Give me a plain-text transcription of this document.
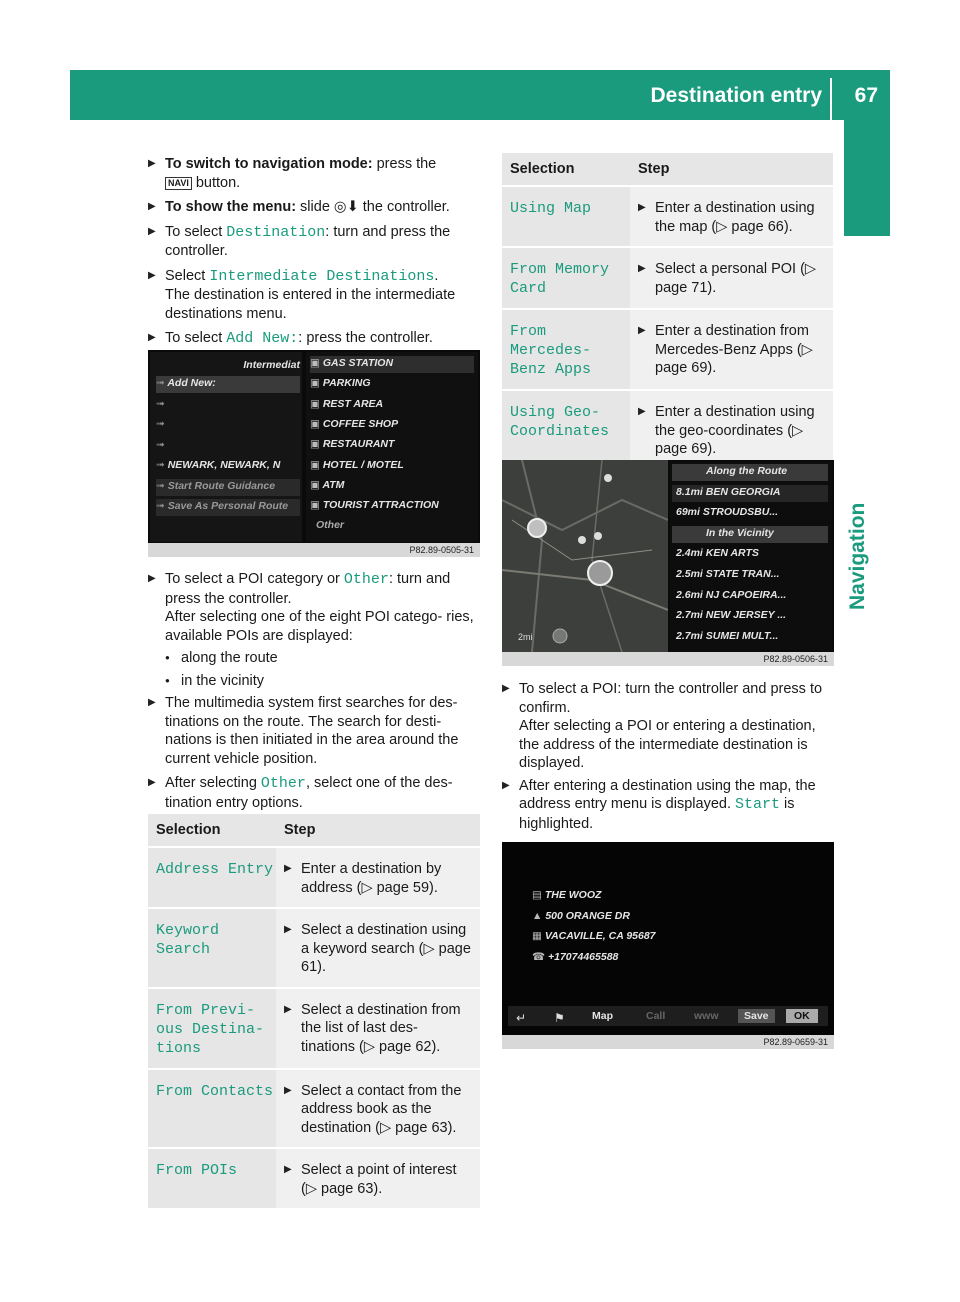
Destination entry 67
Navigation

▶ To switch to navigation mode: press the
NAVI button.

▶ To show the menu: slide ◎⬇ the controller.

▶ To select Destination: turn and press the controller.

▶ Select Intermediate Destinations.
The destination is entered in the intermediate destinations menu.

▶ To select Add New:: press the controller.

Intermediat
➟ Add New:
➟
➟
➟
➟ NEWARK, NEWARK, N
➟ Start Route Guidance
➟ Save As Personal Route
▣ GAS STATION
▣ PARKING
▣ REST AREA
▣ COFFEE SHOP
▣ RESTAURANT
▣ HOTEL / MOTEL
▣ ATM
▣ TOURIST ATTRACTION
Other
P82.89-0505-31

▶ To select a POI category or Other: turn and press the controller.
After selecting one of the eight POI catego- ries, available POIs are displayed:

● along the route

● in the vicinity

▶ The multimedia system first searches for des- tinations on the route. The search for desti- nations is then initiated in the area around the current vehicle position.

▶ After selecting Other, select one of the des- tination entry options.

Selection	Step
Address Entry	▶ Enter a destination by address (▷ page 59).

Keyword
Search	▶ Select a destination using a keyword search (▷ page 61).

From Previ‑
ous Destina‑
tions	▶ Select a destination from the list of last des- tinations (▷ page 62).

From Contacts	▶ Select a contact from the address book as the destination (▷ page 63).

From POIs	▶ Select a point of interest (▷ page 63).

Selection	Step
Using Map	▶ Enter a destination using the map (▷ page 66).

From Memory
Card	▶ Select a personal POI (▷ page 71).

From
Mercedes-
Benz Apps	▶ Enter a destination from Mercedes-Benz Apps (▷ page 69).

Using Geo-
Coordinates	▶ Enter a destination using the geo-coordinates (▷ page 69).

2mi
Along the Route
8.1mi BEN GEORGIA
69mi STROUDSBU...
In the Vicinity
2.4mi KEN ARTS
2.5mi STATE TRAN...
2.6mi NJ CAPOEIRA...
2.7mi NEW JERSEY ...
2.7mi SUMEI MULT...
P82.89-0506-31

▶ To select a POI: turn the controller and press to confirm.
After selecting a POI or entering a destination, the address of the intermediate destination is displayed.

▶ After entering a destination using the map, the address entry menu is displayed. Start is highlighted.

▤ THE WOOZ
▲ 500 ORANGE DR
▦ VACAVILLE, CA 95687
☎ +17074465588
↵ ⚑	Map	Call	www	Save	OK
P82.89-0659-31
